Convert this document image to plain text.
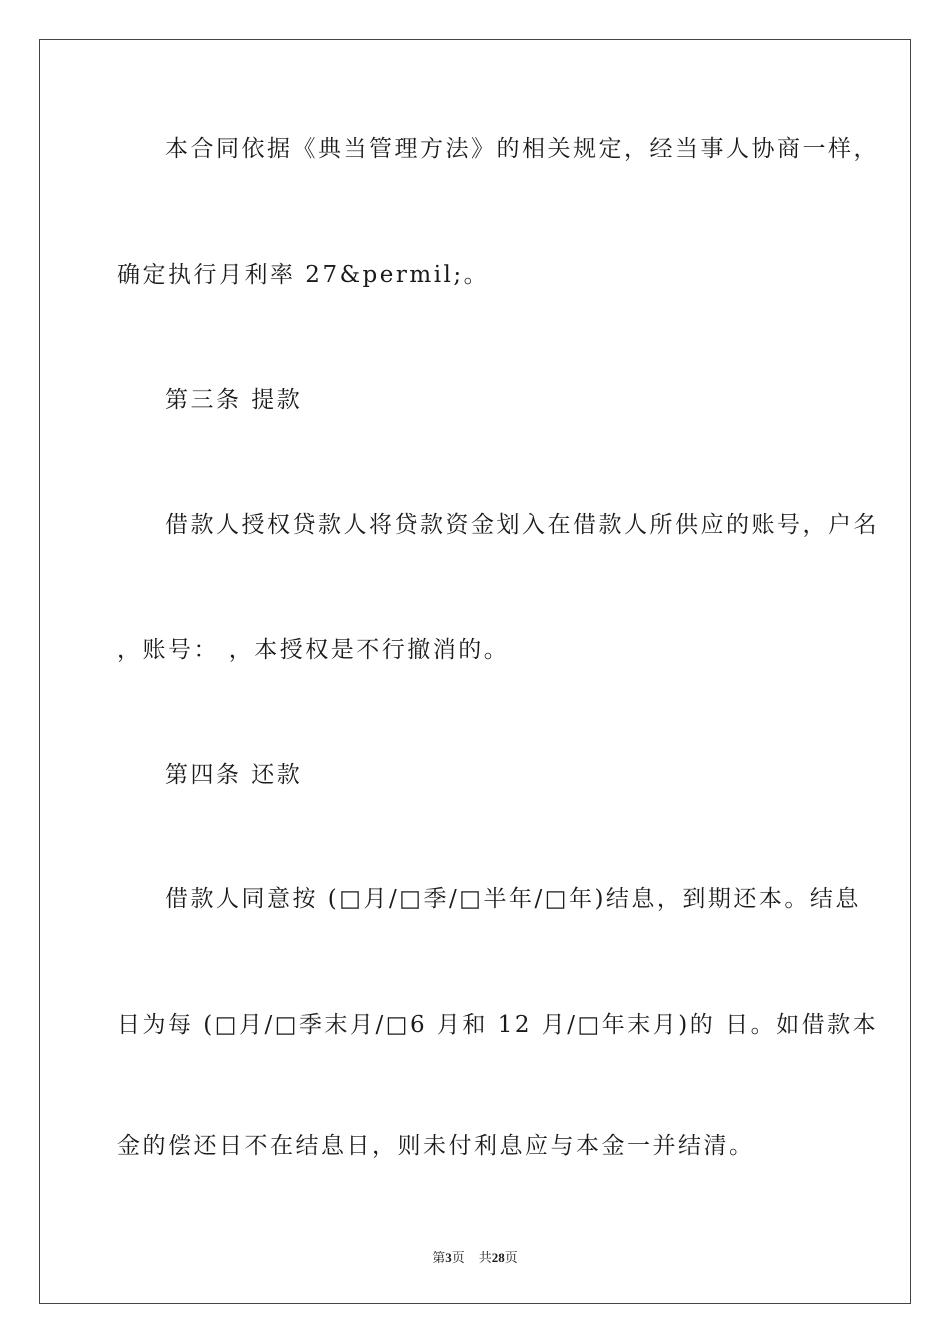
本合同依据《典当管理方法》的相关规定，经当事人协商一样，
确定执行月利率 27&permil;。
第三条 提款
借款人授权贷款人将贷款资金划入在借款人所供应的账号，户名
，账号： ，本授权是不行撤消的。
第四条 还款
借款人同意按 (□月/□季/□半年/□年)结息，到期还本。结息
日为每 (□月/□季末月/□6 月和 12 月/□年末月)的 日。如借款本
金的偿还日不在结息日，则未付利息应与本金一并结清。
第3页 共28页
